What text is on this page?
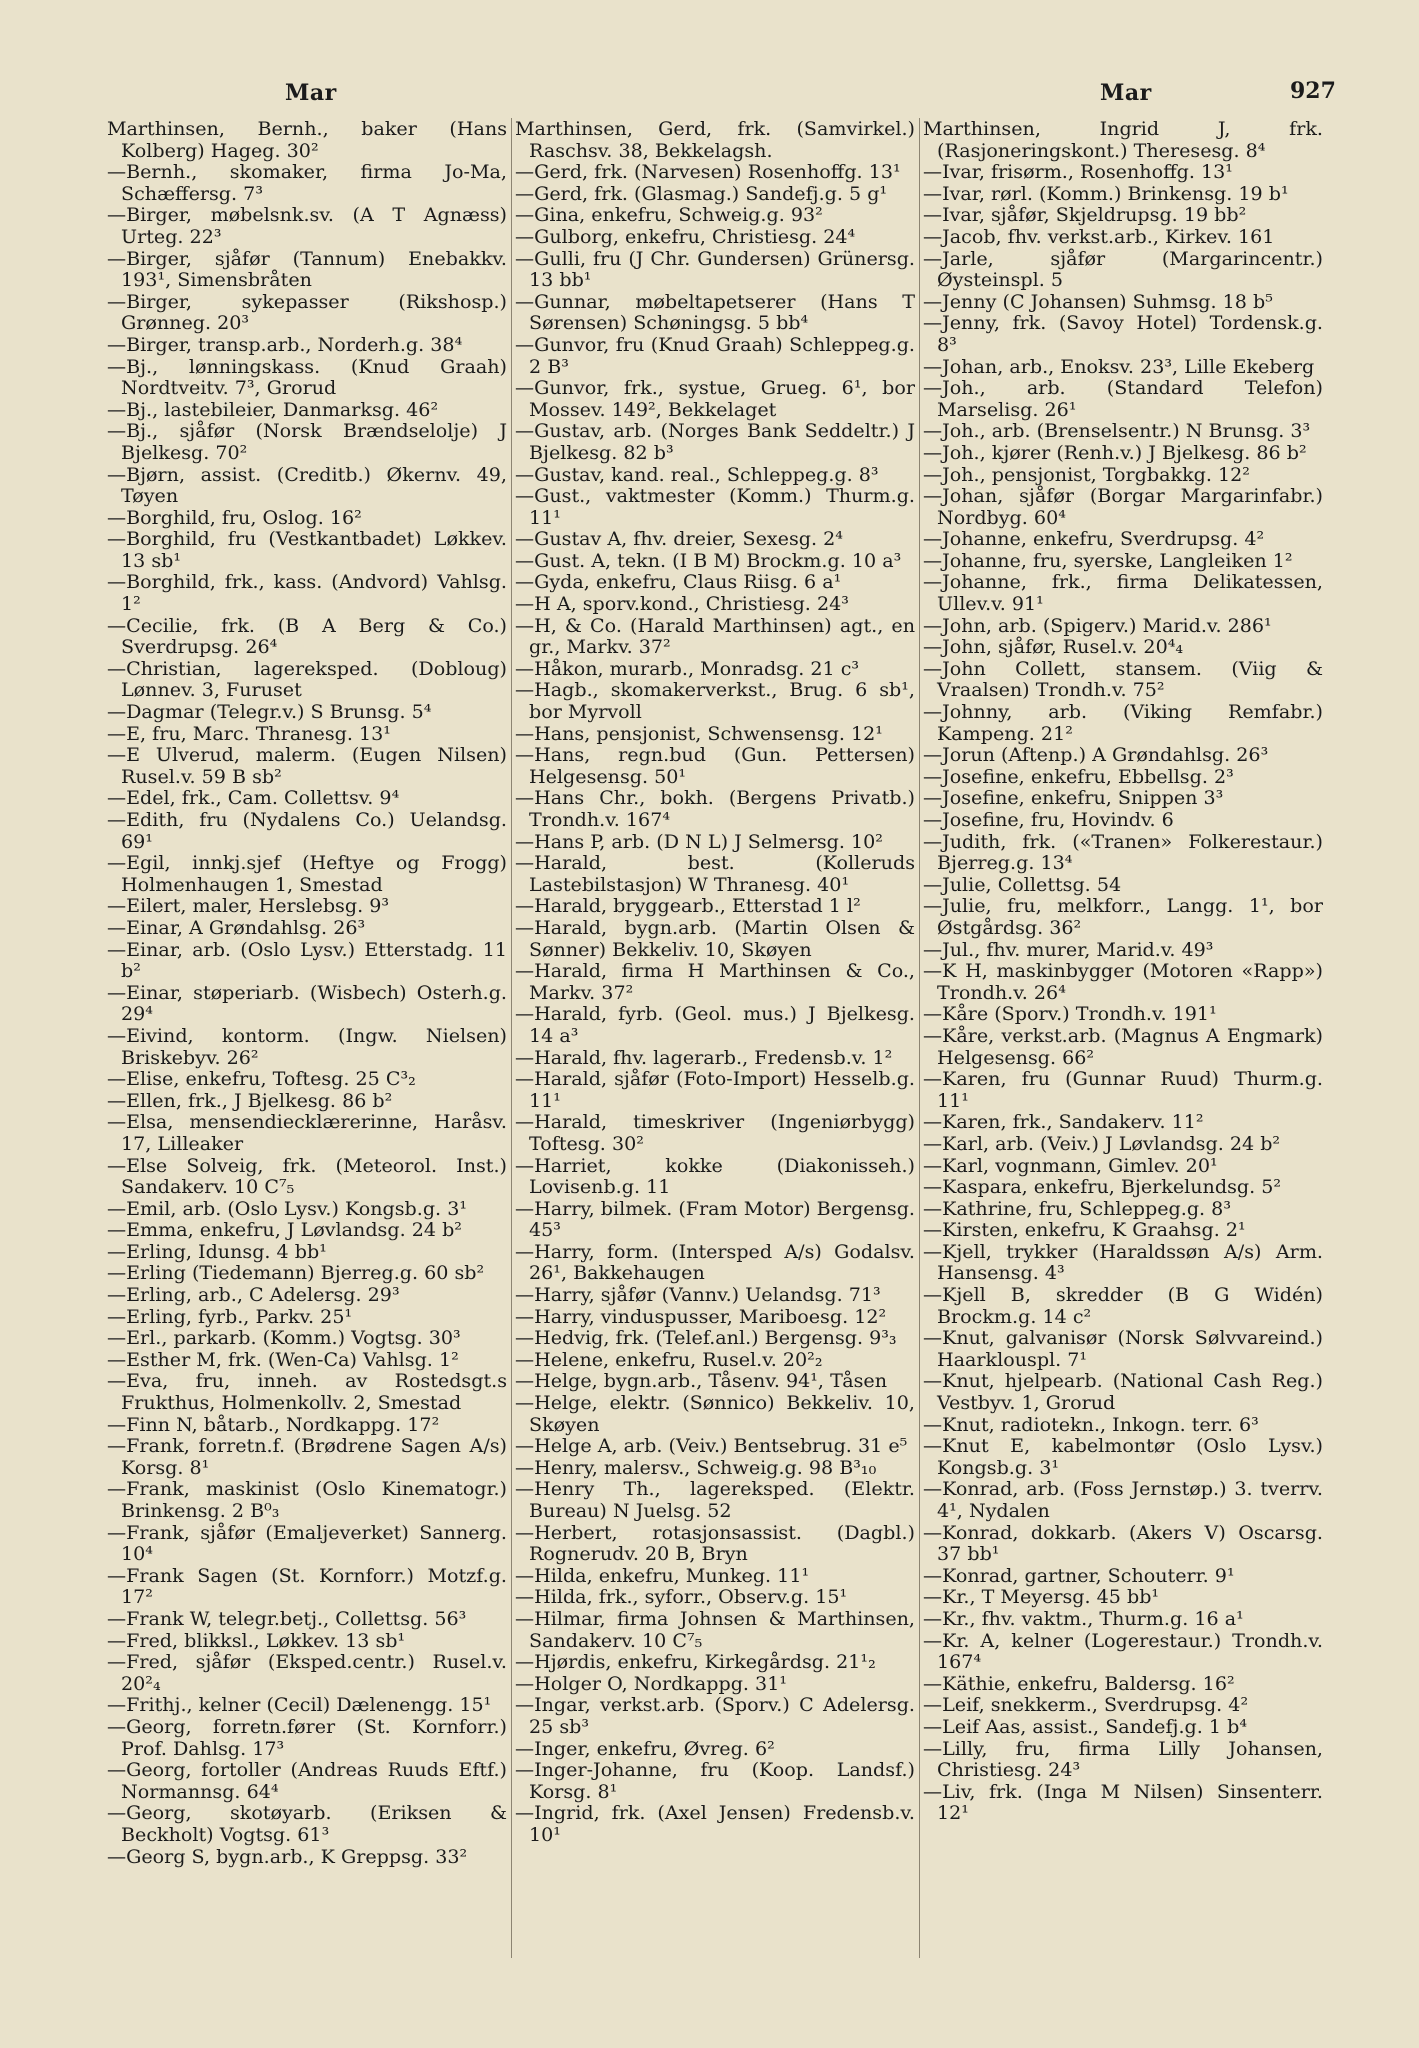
Mar	Mar	927

Marthinsen, Bernh., baker (Hans Kolberg) Hageg. 30²

—Bernh., skomaker, firma Jo-Ma, Schæffersg. 7³

—Birger, møbelsnk.sv. (A T Agnæss) Urteg. 22³

—Birger, sjåfør (Tannum) Enebakkv. 193¹, Simensbråten

—Birger, sykepasser (Rikshosp.) Grønneg. 20³

—Birger, transp.arb., Norderh.g. 38⁴

—Bj., lønningskass. (Knud Graah) Nordtveitv. 7³, Grorud

—Bj., lastebileier, Danmarksg. 46²

—Bj., sjåfør (Norsk Brændselolje) J Bjelkesg. 70²

—Bjørn, assist. (Creditb.) Økernv. 49, Tøyen

—Borghild, fru, Oslog. 16²

—Borghild, fru (Vestkantbadet) Løkkev. 13 sb¹

—Borghild, frk., kass. (Andvord) Vahlsg. 1²

—Cecilie, frk. (B A Berg & Co.) Sverdrupsg. 26⁴

—Christian, lagereksped. (Dobloug) Lønnev. 3, Furuset

—Dagmar (Telegr.v.) S Brunsg. 5⁴

—E, fru, Marc. Thranesg. 13¹

—E Ulverud, malerm. (Eugen Nilsen) Rusel.v. 59 B sb²

—Edel, frk., Cam. Collettsv. 9⁴

—Edith, fru (Nydalens Co.) Uelandsg. 69¹

—Egil, innkj.sjef (Heftye og Frogg) Holmenhaugen 1, Smestad

—Eilert, maler, Herslebsg. 9³

—Einar, A Grøndahlsg. 26³

—Einar, arb. (Oslo Lysv.) Etterstadg. 11 b²

—Einar, støperiarb. (Wisbech) Osterh.g. 29⁴

—Eivind, kontorm. (Ingw. Nielsen) Briskebyv. 26²

—Elise, enkefru, Toftesg. 25 C³₂

—Ellen, frk., J Bjelkesg. 86 b²

—Elsa, mensendiecklærerinne, Haråsv. 17, Lilleaker

—Else Solveig, frk. (Meteorol. Inst.) Sandakerv. 10 C⁷₅

—Emil, arb. (Oslo Lysv.) Kongsb.g. 3¹

—Emma, enkefru, J Løvlandsg. 24 b²

—Erling, Idunsg. 4 bb¹

—Erling (Tiedemann) Bjerreg.g. 60 sb²

—Erling, arb., C Adelersg. 29³

—Erling, fyrb., Parkv. 25¹

—Erl., parkarb. (Komm.) Vogtsg. 30³

—Esther M, frk. (Wen-Ca) Vahlsg. 1²

—Eva, fru, inneh. av Rostedsgt.s Frukthus, Holmenkollv. 2, Smestad

—Finn N, båtarb., Nordkappg. 17²

—Frank, forretn.f. (Brødrene Sagen A/s) Korsg. 8¹

—Frank, maskinist (Oslo Kinematogr.) Brinkensg. 2 B⁰₃

—Frank, sjåfør (Emaljeverket) Sannerg. 10⁴

—Frank Sagen (St. Kornforr.) Motzf.g. 17²

—Frank W, telegr.betj., Collettsg. 56³

—Fred, blikksl., Løkkev. 13 sb¹

—Fred, sjåfør (Eksped.centr.) Rusel.v. 20²₄

—Frithj., kelner (Cecil) Dælenengg. 15¹

—Georg, forretn.fører (St. Kornforr.) Prof. Dahlsg. 17³

—Georg, fortoller (Andreas Ruuds Eftf.) Normannsg. 64⁴

—Georg, skotøyarb. (Eriksen & Beckholt) Vogtsg. 61³

—Georg S, bygn.arb., K Greppsg. 33²

Marthinsen, Gerd, frk. (Samvirkel.) Raschsv. 38, Bekkelagsh.

—Gerd, frk. (Narvesen) Rosenhoffg. 13¹

—Gerd, frk. (Glasmag.) Sandefj.g. 5 g¹

—Gina, enkefru, Schweig.g. 93²

—Gulborg, enkefru, Christiesg. 24⁴

—Gulli, fru (J Chr. Gundersen) Grünersg. 13 bb¹

—Gunnar, møbeltapetserer (Hans T Sørensen) Schøningsg. 5 bb⁴

—Gunvor, fru (Knud Graah) Schleppeg.g. 2 B³

—Gunvor, frk., systue, Grueg. 6¹, bor Mossev. 149², Bekkelaget

—Gustav, arb. (Norges Bank Seddeltr.) J Bjelkesg. 82 b³

—Gustav, kand. real., Schleppeg.g. 8³

—Gust., vaktmester (Komm.) Thurm.g. 11¹

—Gustav A, fhv. dreier, Sexesg. 2⁴

—Gust. A, tekn. (I B M) Brockm.g. 10 a³

—Gyda, enkefru, Claus Riisg. 6 a¹

—H A, sporv.kond., Christiesg. 24³

—H, & Co. (Harald Marthinsen) agt., en gr., Markv. 37²

—Håkon, murarb., Monradsg. 21 c³

—Hagb., skomakerverkst., Brug. 6 sb¹, bor Myrvoll

—Hans, pensjonist, Schwensensg. 12¹

—Hans, regn.bud (Gun. Pettersen) Helgesensg. 50¹

—Hans Chr., bokh. (Bergens Privatb.) Trondh.v. 167⁴

—Hans P, arb. (D N L) J Selmersg. 10²

—Harald, best. (Kolleruds Lastebilstasjon) W Thranesg. 40¹

—Harald, bryggearb., Etterstad 1 l²

—Harald, bygn.arb. (Martin Olsen & Sønner) Bekkeliv. 10, Skøyen

—Harald, firma H Marthinsen & Co., Markv. 37²

—Harald, fyrb. (Geol. mus.) J Bjelkesg. 14 a³

—Harald, fhv. lagerarb., Fredensb.v. 1²

—Harald, sjåfør (Foto-Import) Hesselb.g. 11¹

—Harald, timeskriver (Ingeniørbygg) Toftesg. 30²

—Harriet, kokke (Diakonisseh.) Lovisenb.g. 11

—Harry, bilmek. (Fram Motor) Bergensg. 45³

—Harry, form. (Intersped A/s) Godalsv. 26¹, Bakkehaugen

—Harry, sjåfør (Vannv.) Uelandsg. 71³

—Harry, vinduspusser, Mariboesg. 12²

—Hedvig, frk. (Telef.anl.) Bergensg. 9³₃

—Helene, enkefru, Rusel.v. 20²₂

—Helge, bygn.arb., Tåsenv. 94¹, Tåsen

—Helge, elektr. (Sønnico) Bekkeliv. 10, Skøyen

—Helge A, arb. (Veiv.) Bentsebrug. 31 e⁵

—Henry, malersv., Schweig.g. 98 B³₁₀

—Henry Th., lagereksped. (Elektr. Bureau) N Juelsg. 52

—Herbert, rotasjonsassist. (Dagbl.) Rognerudv. 20 B, Bryn

—Hilda, enkefru, Munkeg. 11¹

—Hilda, frk., syforr., Observ.g. 15¹

—Hilmar, firma Johnsen & Marthinsen, Sandakerv. 10 C⁷₅

—Hjørdis, enkefru, Kirkegårdsg. 21¹₂

—Holger O, Nordkappg. 31¹

—Ingar, verkst.arb. (Sporv.) C Adelersg. 25 sb³

—Inger, enkefru, Øvreg. 6²

—Inger-Johanne, fru (Koop. Landsf.) Korsg. 8¹

—Ingrid, frk. (Axel Jensen) Fredensb.v. 10¹

Marthinsen, Ingrid J, frk. (Rasjoneringskont.) Theresesg. 8⁴

—Ivar, frisørm., Rosenhoffg. 13¹

—Ivar, rørl. (Komm.) Brinkensg. 19 b¹

—Ivar, sjåfør, Skjeldrupsg. 19 bb²

—Jacob, fhv. verkst.arb., Kirkev. 161

—Jarle, sjåfør (Margarincentr.) Øysteinspl. 5

—Jenny (C Johansen) Suhmsg. 18 b⁵

—Jenny, frk. (Savoy Hotel) Tordensk.g. 8³

—Johan, arb., Enoksv. 23³, Lille Ekeberg

—Joh., arb. (Standard Telefon) Marselisg. 26¹

—Joh., arb. (Brenselsentr.) N Brunsg. 3³

—Joh., kjører (Renh.v.) J Bjelkesg. 86 b²

—Joh., pensjonist, Torgbakkg. 12²

—Johan, sjåfør (Borgar Margarinfabr.) Nordbyg. 60⁴

—Johanne, enkefru, Sverdrupsg. 4²

—Johanne, fru, syerske, Langleiken 1²

—Johanne, frk., firma Delikatessen, Ullev.v. 91¹

—John, arb. (Spigerv.) Marid.v. 286¹

—John, sjåfør, Rusel.v. 20⁴₄

—John Collett, stansem. (Viig & Vraalsen) Trondh.v. 75²

—Johnny, arb. (Viking Remfabr.) Kampeng. 21²

—Jorun (Aftenp.) A Grøndahlsg. 26³

—Josefine, enkefru, Ebbellsg. 2³

—Josefine, enkefru, Snippen 3³

—Josefine, fru, Hovindv. 6

—Judith, frk. («Tranen» Folkerestaur.) Bjerreg.g. 13⁴

—Julie, Collettsg. 54

—Julie, fru, melkforr., Langg. 1¹, bor Østgårdsg. 36²

—Jul., fhv. murer, Marid.v. 49³

—K H, maskinbygger (Motoren «Rapp») Trondh.v. 26⁴

—Kåre (Sporv.) Trondh.v. 191¹

—Kåre, verkst.arb. (Magnus A Engmark) Helgesensg. 66²

—Karen, fru (Gunnar Ruud) Thurm.g. 11¹

—Karen, frk., Sandakerv. 11²

—Karl, arb. (Veiv.) J Løvlandsg. 24 b²

—Karl, vognmann, Gimlev. 20¹

—Kaspara, enkefru, Bjerkelundsg. 5²

—Kathrine, fru, Schleppeg.g. 8³

—Kirsten, enkefru, K Graahsg. 2¹

—Kjell, trykker (Haraldssøn A/s) Arm. Hansensg. 4³

—Kjell B, skredder (B G Widén) Brockm.g. 14 c²

—Knut, galvanisør (Norsk Sølvvareind.) Haarklouspl. 7¹

—Knut, hjelpearb. (National Cash Reg.) Vestbyv. 1, Grorud

—Knut, radiotekn., Inkogn. terr. 6³

—Knut E, kabelmontør (Oslo Lysv.) Kongsb.g. 3¹

—Konrad, arb. (Foss Jernstøp.) 3. tverrv. 4¹, Nydalen

—Konrad, dokkarb. (Akers V) Oscarsg. 37 bb¹

—Konrad, gartner, Schouterr. 9¹

—Kr., T Meyersg. 45 bb¹

—Kr., fhv. vaktm., Thurm.g. 16 a¹

—Kr. A, kelner (Logerestaur.) Trondh.v. 167⁴

—Käthie, enkefru, Baldersg. 16²

—Leif, snekkerm., Sverdrupsg. 4²

—Leif Aas, assist., Sandefj.g. 1 b⁴

—Lilly, fru, firma Lilly Johansen, Christiesg. 24³

—Liv, frk. (Inga M Nilsen) Sinsenterr. 12¹
